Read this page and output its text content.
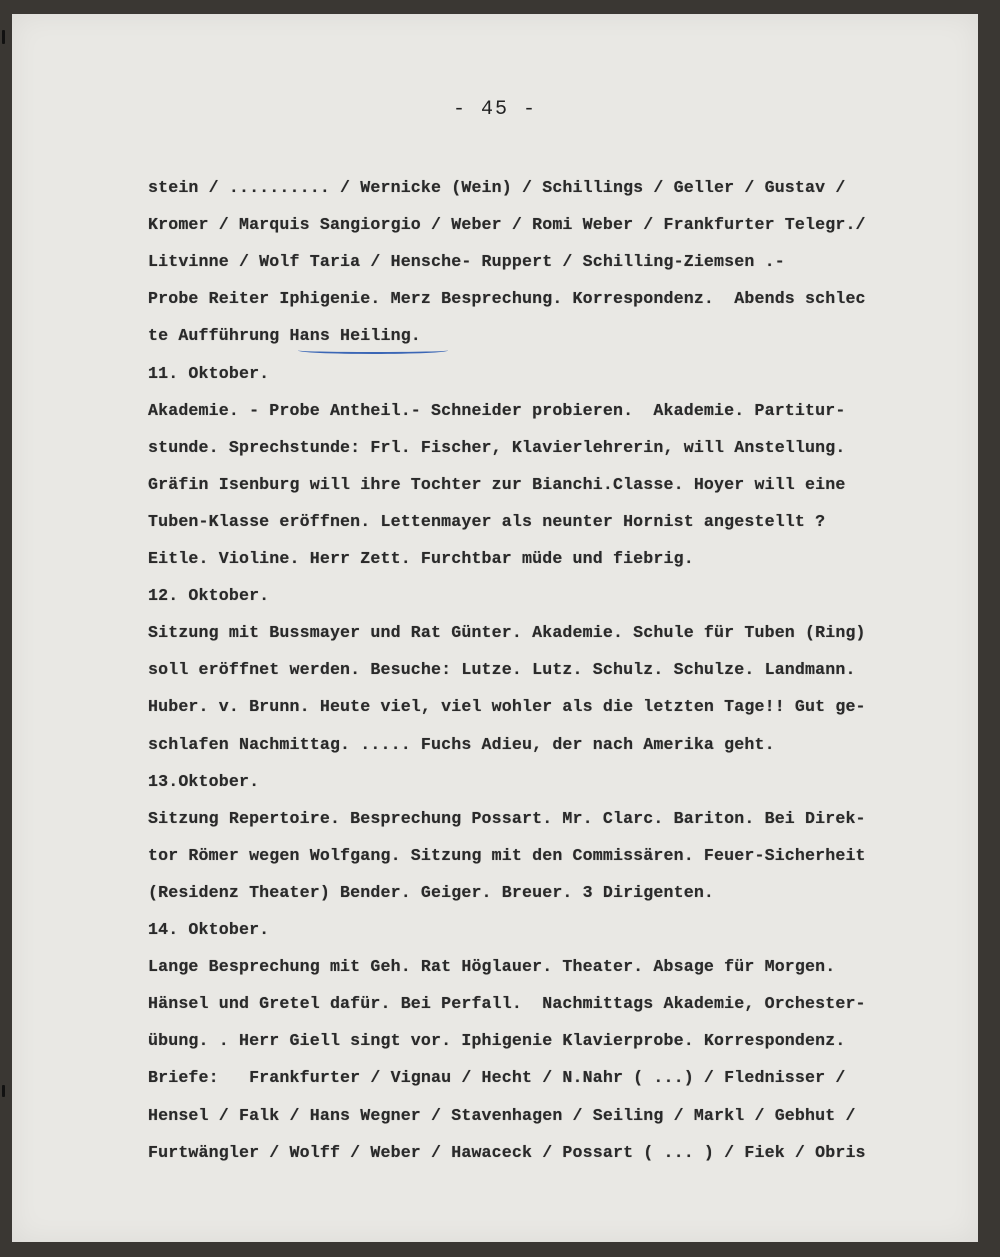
- 45 -
stein / .......... / Wernicke (Wein) / Schillings / Geller / Gustav /
Kromer / Marquis Sangiorgio / Weber / Romi Weber / Frankfurter Telegr./
Litvinne / Wolf Taria / Hensche- Ruppert / Schilling-Ziemsen .-
Probe Reiter Iphigenie. Merz Besprechung. Korrespondenz.  Abends schlec
te Aufführung Hans Heiling.
11. Oktober.
Akademie. - Probe Antheil.- Schneider probieren.  Akademie. Partitur-
stunde. Sprechstunde: Frl. Fischer, Klavierlehrerin, will Anstellung.
Gräfin Isenburg will ihre Tochter zur Bianchi.Classe. Hoyer will eine
Tuben-Klasse eröffnen. Lettenmayer als neunter Hornist angestellt ?
Eitle. Violine. Herr Zett. Furchtbar müde und fiebrig.
12. Oktober.
Sitzung mit Bussmayer und Rat Günter. Akademie. Schule für Tuben (Ring)
soll eröffnet werden. Besuche: Lutze. Lutz. Schulz. Schulze. Landmann.
Huber. v. Brunn. Heute viel, viel wohler als die letzten Tage!! Gut ge-
schlafen Nachmittag. ..... Fuchs Adieu, der nach Amerika geht.
13.Oktober.
Sitzung Repertoire. Besprechung Possart. Mr. Clarc. Bariton. Bei Direk-
tor Römer wegen Wolfgang. Sitzung mit den Commissären. Feuer-Sicherheit
(Residenz Theater) Bender. Geiger. Breuer. 3 Dirigenten.
14. Oktober.
Lange Besprechung mit Geh. Rat Höglauer. Theater. Absage für Morgen.
Hänsel und Gretel dafür. Bei Perfall.  Nachmittags Akademie, Orchester-
übung. . Herr Giell singt vor. Iphigenie Klavierprobe. Korrespondenz.
Briefe:   Frankfurter / Vignau / Hecht / N.Nahr ( ...) / Flednisser /
Hensel / Falk / Hans Wegner / Stavenhagen / Seiling / Markl / Gebhut /
Furtwängler / Wolff / Weber / Hawaceck / Possart ( ... ) / Fiek / Obris
